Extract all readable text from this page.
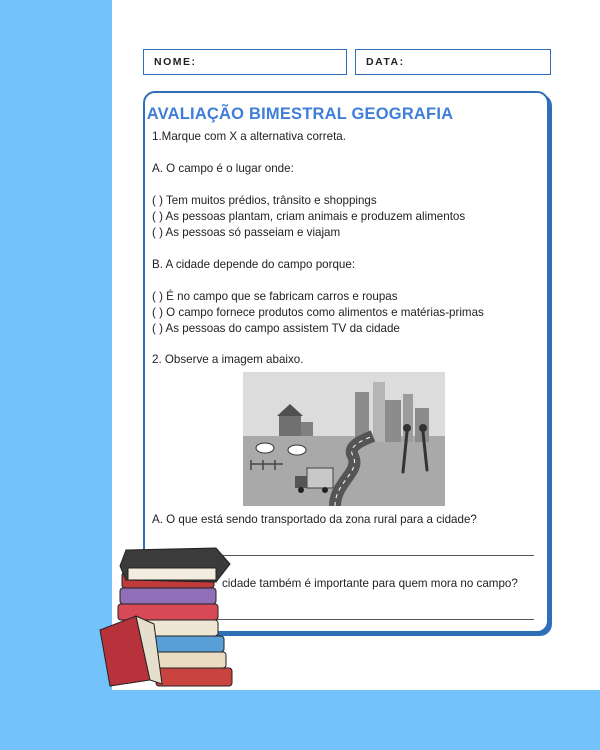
NOME:	DATA:
AVALIAÇÃO BIMESTRAL GEOGRAFIA
1.Marque com X a alternativa correta.
A. O campo é o lugar onde:
( ) Tem muitos prédios, trânsito e shoppings
( ) As pessoas plantam, criam animais e produzem alimentos
( ) As pessoas só passeiam e viajam
B. A cidade depende do campo porque:
( ) É no campo que se fabricam carros e roupas
( ) O campo fornece produtos como alimentos e matérias-primas
( ) As pessoas do campo assistem TV da cidade
2. Observe a imagem abaixo.
A. O que está sendo transportado da zona rural para a cidade?
cidade também é importante para quem mora no campo?
